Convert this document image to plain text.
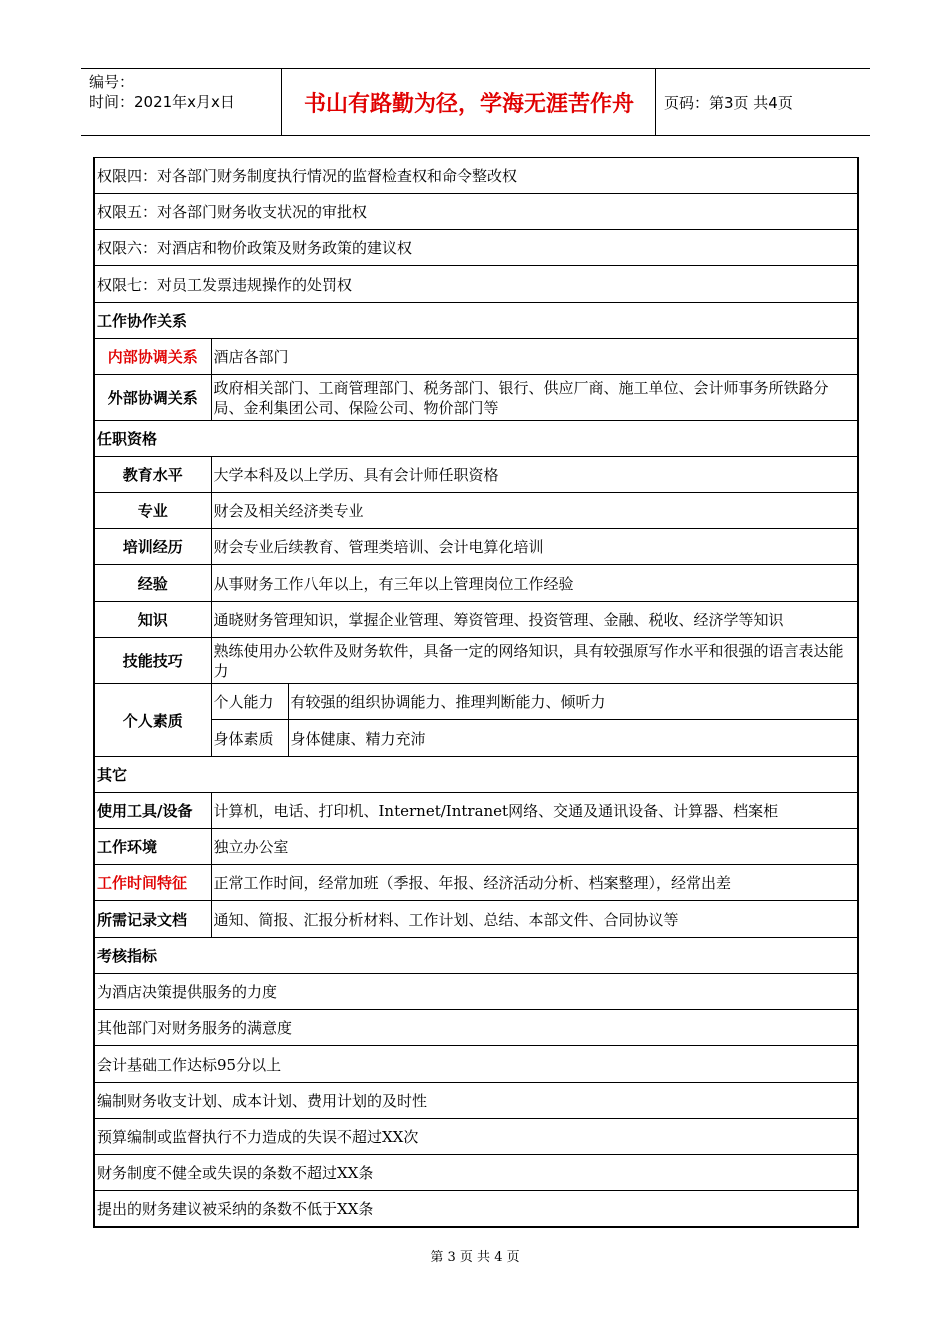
编号：
时间：2021年x月x日	书山有路勤为径，学海无涯苦作舟	页码：第3页 共4页
权限四：对各部门财务制度执行情况的监督检查权和命令整改权		
权限五：对各部门财务收支状况的审批权		
权限六：对酒店和物价政策及财务政策的建议权		
权限七：对员工发票违规操作的处罚权		
工作协作关系		
内部协调关系	酒店各部门	
外部协调关系	政府相关部门、工商管理部门、税务部门、银行、供应厂商、施工单位、会计师事务所铁路分局、金利集团公司、保险公司、物价部门等	
任职资格		
教育水平	大学本科及以上学历、具有会计师任职资格	
专业	财会及相关经济类专业	
培训经历	财会专业后续教育、管理类培训、会计电算化培训	
经验	从事财务工作八年以上，有三年以上管理岗位工作经验	
知识	通晓财务管理知识，掌握企业管理、筹资管理、投资管理、金融、税收、经济学等知识	
技能技巧	熟练使用办公软件及财务软件，具备一定的网络知识，具有较强原写作水平和很强的语言表达能力	
个人素质	个人能力	有较强的组织协调能力、推理判断能力、倾听力
	身体素质	身体健康、精力充沛
其它		
使用工具/设备	计算机，电话、打印机、Internet/Intranet网络、交通及通讯设备、计算器、档案柜	
工作环境	独立办公室	
工作时间特征	正常工作时间，经常加班（季报、年报、经济活动分析、档案整理），经常出差	
所需记录文档	通知、简报、汇报分析材料、工作计划、总结、本部文件、合同协议等	
考核指标		
为酒店决策提供服务的力度		
其他部门对财务服务的满意度		
会计基础工作达标95分以上		
编制财务收支计划、成本计划、费用计划的及时性		
预算编制或监督执行不力造成的失误不超过XX次		
财务制度不健全或失误的条数不超过XX条		
提出的财务建议被采纳的条数不低于XX条		
第 3 页 共 4 页
